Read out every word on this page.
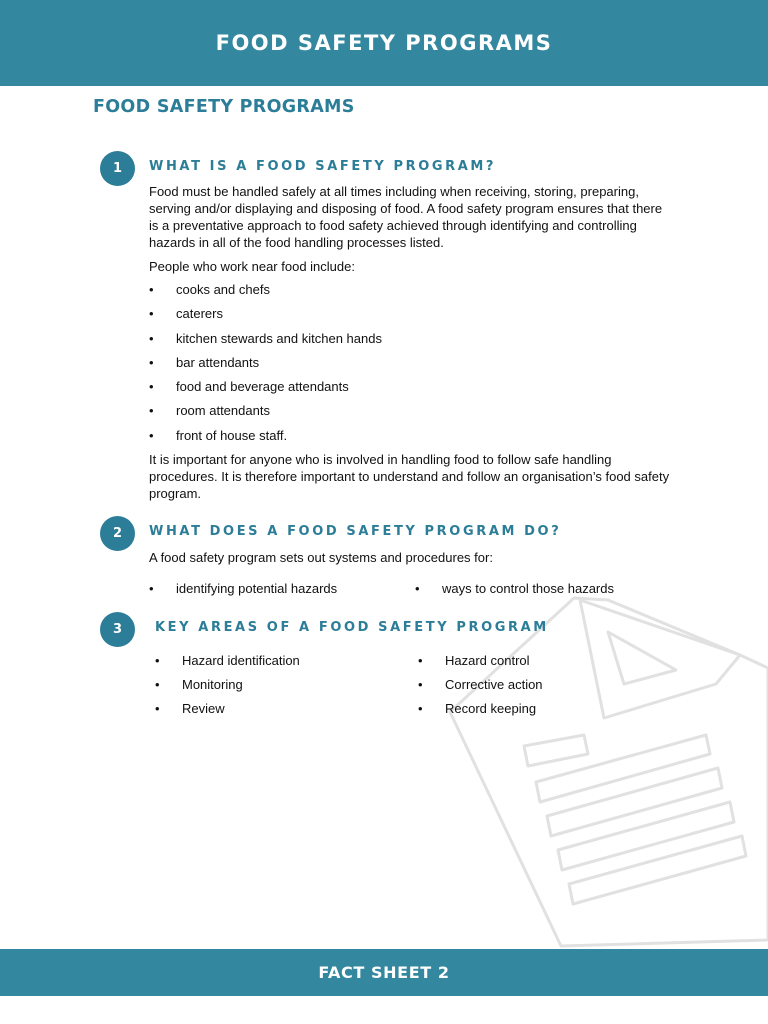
FOOD SAFETY PROGRAMS
FOOD SAFETY PROGRAMS
1	WHAT IS A FOOD SAFETY PROGRAM?

Food must be handled safely at all times including when receiving, storing, preparing, serving and/or displaying and disposing of food. A food safety program ensures that there is a preventative approach to food safety achieved through identifying and controlling hazards in all of the food handling processes listed.

People who work near food include:

• cooks and chefs
• caterers
• kitchen stewards and kitchen hands
• bar attendants
• food and beverage attendants
• room attendants
• front of house staff.

It is important for anyone who is involved in handling food to follow safe handling procedures. It is therefore important to understand and follow an organisation’s food safety program.

2	WHAT DOES A FOOD SAFETY PROGRAM DO?

A food safety program sets out systems and procedures for:

• identifying potential hazards
•	ways to control those hazards
3	KEY AREAS OF A FOOD SAFETY PROGRAM
• Hazard identification
• Monitoring
• Review
• Hazard control
• Corrective action
• Record keeping
FACT SHEET 2
